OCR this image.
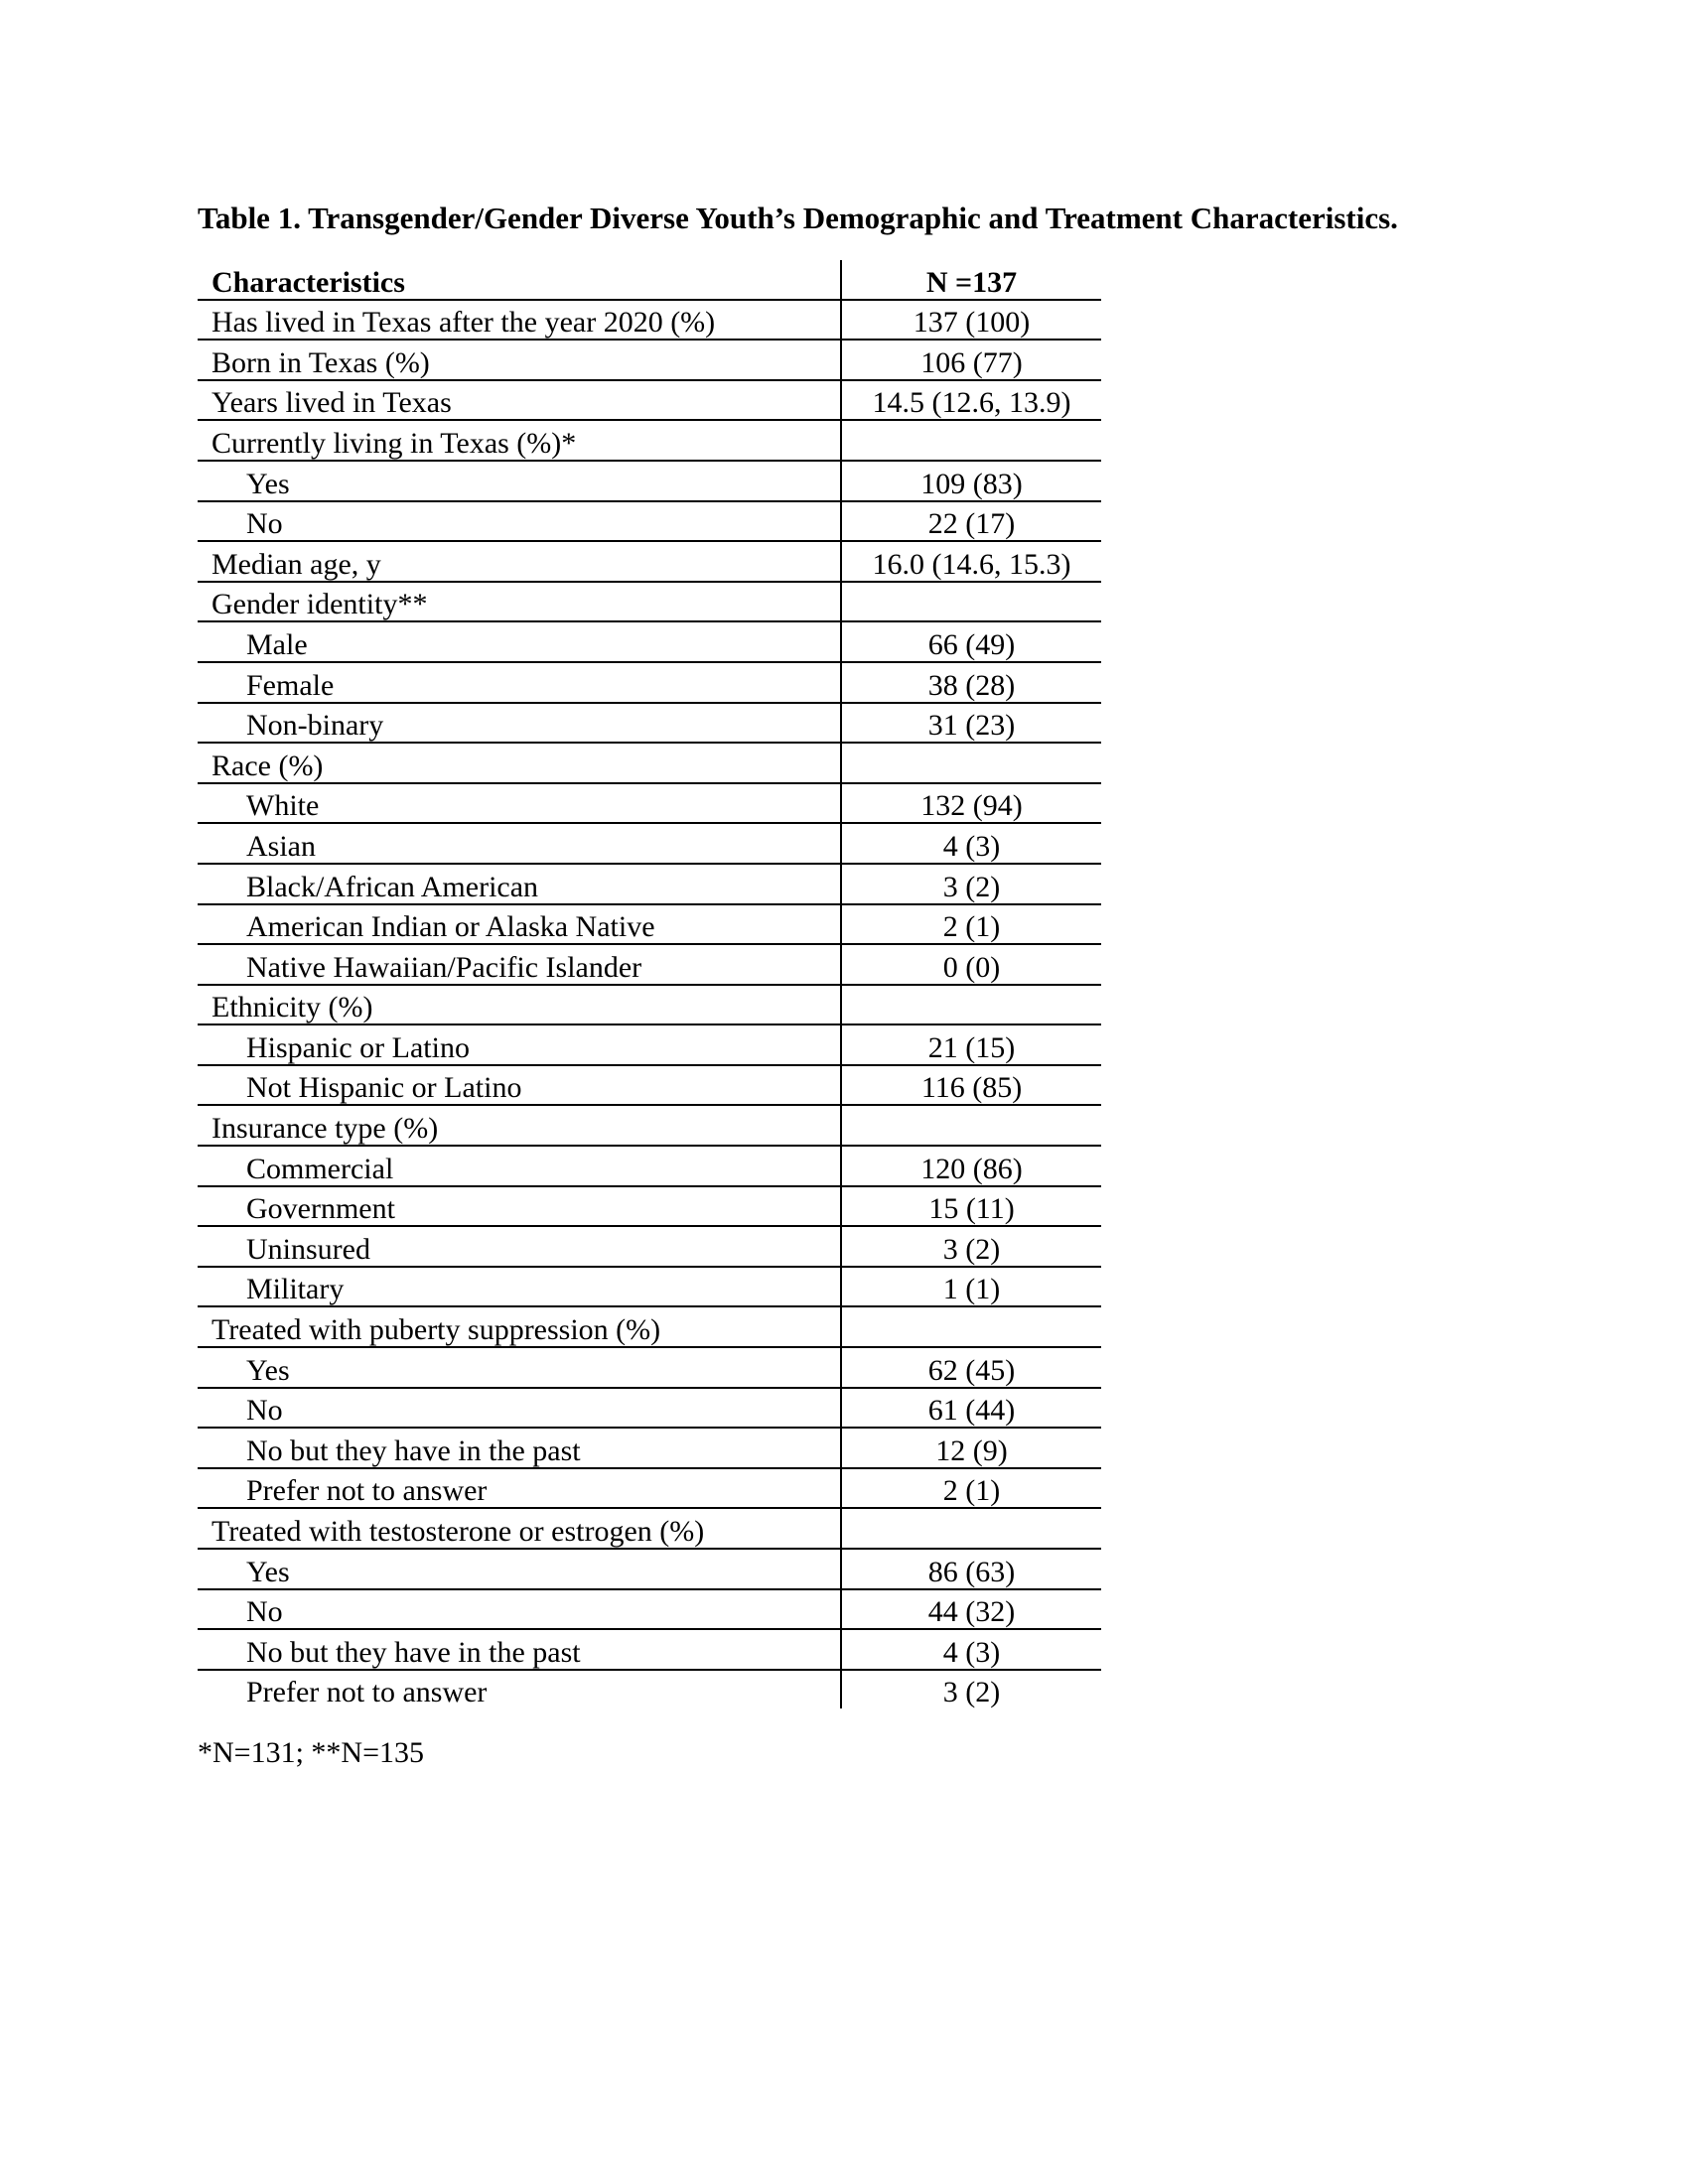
Table 1. Transgender/Gender Diverse Youth’s Demographic and Treatment Characteristics.
Characteristics	N =137
Has lived in Texas after the year 2020 (%)	137 (100)
Born in Texas (%)	106 (77)
Years lived in Texas	14.5 (12.6, 13.9)
Currently living in Texas (%)*	
Yes	109 (83)
No	22 (17)
Median age, y	16.0 (14.6, 15.3)
Gender identity**	
Male	66 (49)
Female	38 (28)
Non-binary	31 (23)
Race (%)	
White	132 (94)
Asian	4 (3)
Black/African American	3 (2)
American Indian or Alaska Native	2 (1)
Native Hawaiian/Pacific Islander	0 (0)
Ethnicity (%)	
Hispanic or Latino	21 (15)
Not Hispanic or Latino	116 (85)
Insurance type (%)	
Commercial	120 (86)
Government	15 (11)
Uninsured	3 (2)
Military	1 (1)
Treated with puberty suppression (%)	
Yes	62 (45)
No	61 (44)
No but they have in the past	12 (9)
Prefer not to answer	2 (1)
Treated with testosterone or estrogen (%)	
Yes	86 (63)
No	44 (32)
No but they have in the past	4 (3)
Prefer not to answer	3 (2)
*N=131; **N=135
